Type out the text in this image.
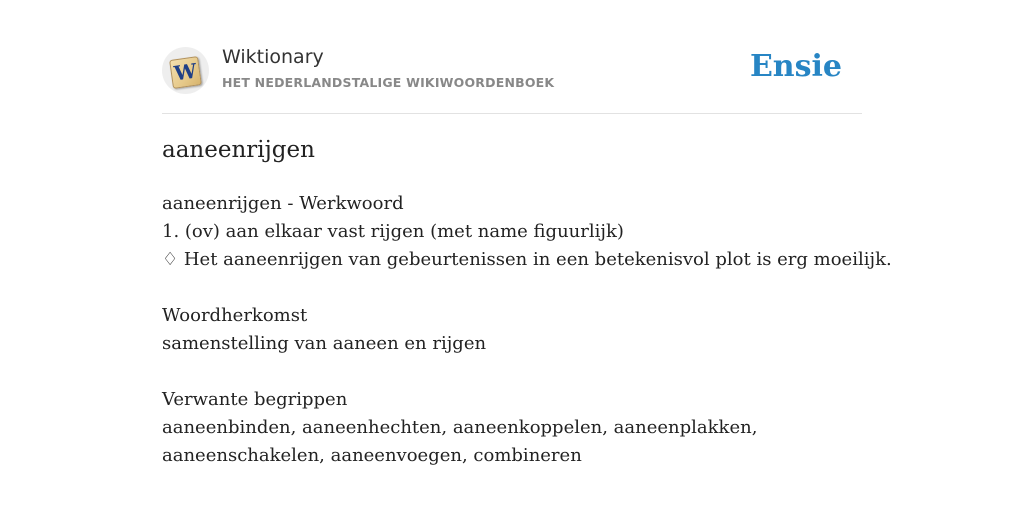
W
Wiktionary
HET NEDERLANDSTALIGE WIKIWOORDENBOEK	Ensie
aaneenrijgen

aaneenrijgen - Werkwoord

1. (ov) aan elkaar vast rijgen (met name figuurlijk)

♢ Het aaneenrijgen van gebeurtenissen in een betekenisvol plot is erg moeilijk.

Woordherkomst

samenstelling van aaneen en rijgen

Verwante begrippen

aaneenbinden, aaneenhechten, aaneenkoppelen, aaneenplakken,

aaneenschakelen, aaneenvoegen, combineren
